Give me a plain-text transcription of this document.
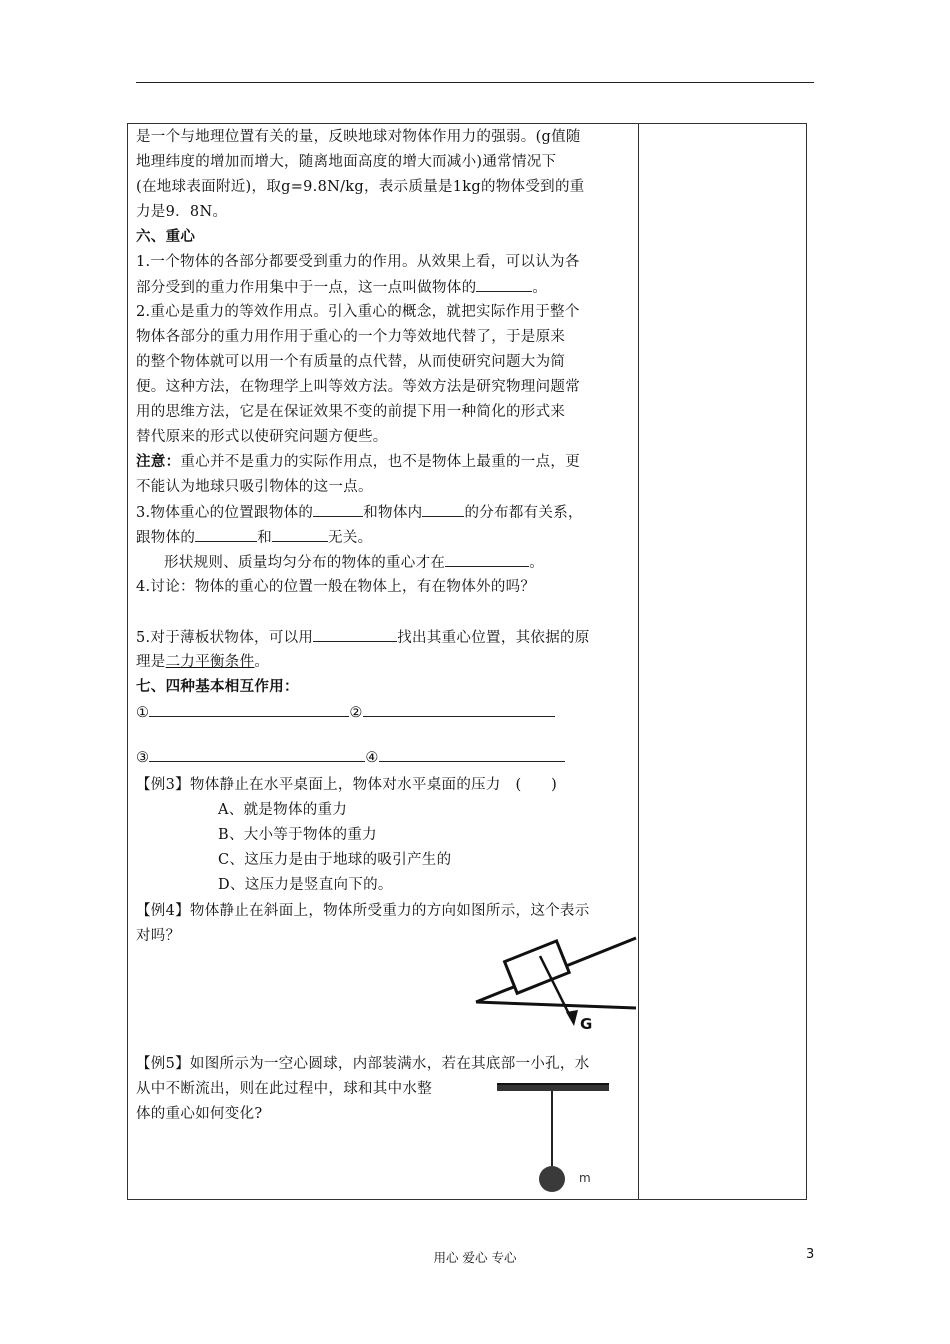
是一个与地理位置有关的量，反映地球对物体作用力的强弱。(g值随
地理纬度的增加而增大，随离地面高度的增大而减小)通常情况下
(在地球表面附近)，取g=9.8N/kg，表示质量是1kg的物体受到的重
力是9．8N。
六、重心
1.一个物体的各部分都要受到重力的作用。从效果上看，可以认为各
部分受到的重力作用集中于一点，这一点叫做物体的	。
2.重心是重力的等效作用点。引入重心的概念，就把实际作用于整个
物体各部分的重力用作用于重心的一个力等效地代替了，于是原来
的整个物体就可以用一个有质量的点代替，从而使研究问题大为简
便。这种方法，在物理学上叫等效方法。等效方法是研究物理问题常
用的思维方法，它是在保证效果不变的前提下用一种简化的形式来
替代原来的形式以使研究问题方便些。
注意：重心并不是重力的实际作用点，也不是物体上最重的一点，更
不能认为地球只吸引物体的这一点。
3.物体重心的位置跟物体的	和物体内	的分布都有关系，
跟物体的	和	无关。
形状规则、质量均匀分布的物体的重心才在	。
4.讨论：物体的重心的位置一般在物体上，有在物体外的吗？
5.对于薄板状物体，可以用	找出其重心位置，其依据的原
理是二力平衡条件。
七、四种基本相互作用：
①	②
③	④
【例3】物体静止在水平桌面上，物体对水平桌面的压力　(　　)
A、就是物体的重力
B、大小等于物体的重力
C、这压力是由于地球的吸引产生的
D、这压力是竖直向下的。
【例4】物体静止在斜面上，物体所受重力的方向如图所示，这个表示
对吗？
【例5】如图所示为一空心圆球，内部装满水，若在其底部一小孔，水
从中不断流出，则在此过程中，球和其中水整
体的重心如何变化?
G
m
用心 爱心 专心	3
